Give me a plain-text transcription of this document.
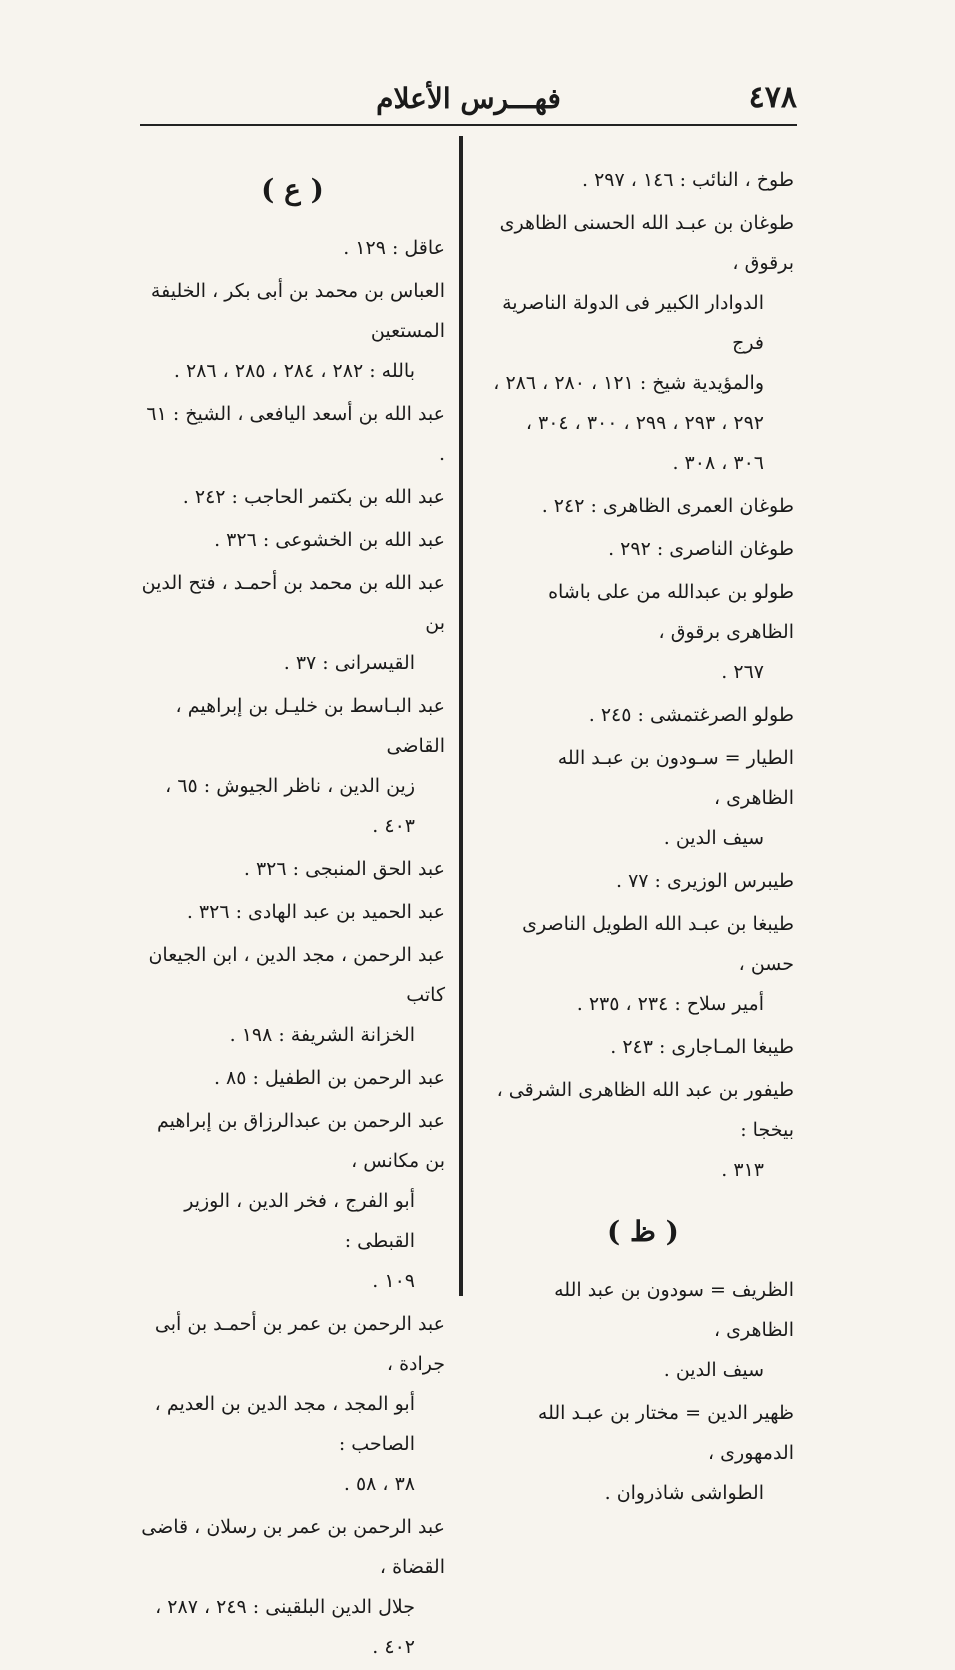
٤٧٨
فهـــرس الأعلام
طوخ ، النائب : ١٤٦ ، ٢٩٧ .
طوغان بن عبـد الله الحسنى الظاهرى برقوق ،
الدوادار الكبير فى الدولة الناصرية فرج
والمؤيدية شيخ : ١٢١ ، ٢٨٠ ، ٢٨٦ ،
٢٩٢ ، ٢٩٣ ، ٢٩٩ ، ٣٠٠ ، ٣٠٤ ،
٣٠٦ ، ٣٠٨ .
طوغان العمرى الظاهرى : ٢٤٢ .
طوغان الناصرى : ٢٩٢ .
طولو بن عبدالله من على باشاه الظاهرى برقوق ،
٢٦٧ .
طولو الصرغتمشى : ٢٤٥ .
الطيار = سـودون بن عبـد الله الظاهرى ،
سيف الدين .
طيبرس الوزيرى : ٧٧ .
طيبغا بن عبـد الله الطويل الناصرى حسن ،
أمير سلاح : ٢٣٤ ، ٢٣٥ .
طيبغا المـاجارى : ٢٤٣ .
طيفور بن عبد الله الظاهرى الشرقى ، بيخجا :
٣١٣ .
( ظ )
الظريف = سودون بن عبد الله الظاهرى ،
سيف الدين .
ظهير الدين = مختار بن عبـد الله الدمهورى ،
الطواشى شاذروان .
( ع )
عاقل : ١٢٩ .
العباس بن محمد بن أبى بكر ، الخليفة المستعين
بالله : ٢٨٢ ، ٢٨٤ ، ٢٨٥ ، ٢٨٦ .
عبد الله بن أسعد اليافعى ، الشيخ : ٦١ .
عبد الله بن بكتمر الحاجب : ٢٤٢ .
عبد الله بن الخشوعى : ٣٢٦ .
عبد الله بن محمد بن أحمـد ، فتح الدين بن
القيسرانى : ٣٧ .
عبد البـاسط بن خليـل بن إبراهيم ، القاضى
زين الدين ، ناظر الجيوش : ٦٥ ، ٤٠٣ .
عبد الحق المنبجى : ٣٢٦ .
عبد الحميد بن عبد الهادى : ٣٢٦ .
عبد الرحمن ، مجد الدين ، ابن الجيعان كاتب
الخزانة الشريفة : ١٩٨ .
عبد الرحمن بن الطفيل : ٨٥ .
عبد الرحمن بن عبدالرزاق بن إبراهيم بن مكانس ،
أبو الفرج ، فخر الدين ، الوزير القبطى :
١٠٩ .
عبد الرحمن بن عمر بن أحمـد بن أبى جرادة ،
أبو المجد ، مجد الدين بن العديم ، الصاحب :
٣٨ ، ٥٨ .
عبد الرحمن بن عمر بن رسلان ، قاضى القضاة ،
جلال الدين البلقينى : ٢٤٩ ، ٢٨٧ ،
٤٠٢ .
